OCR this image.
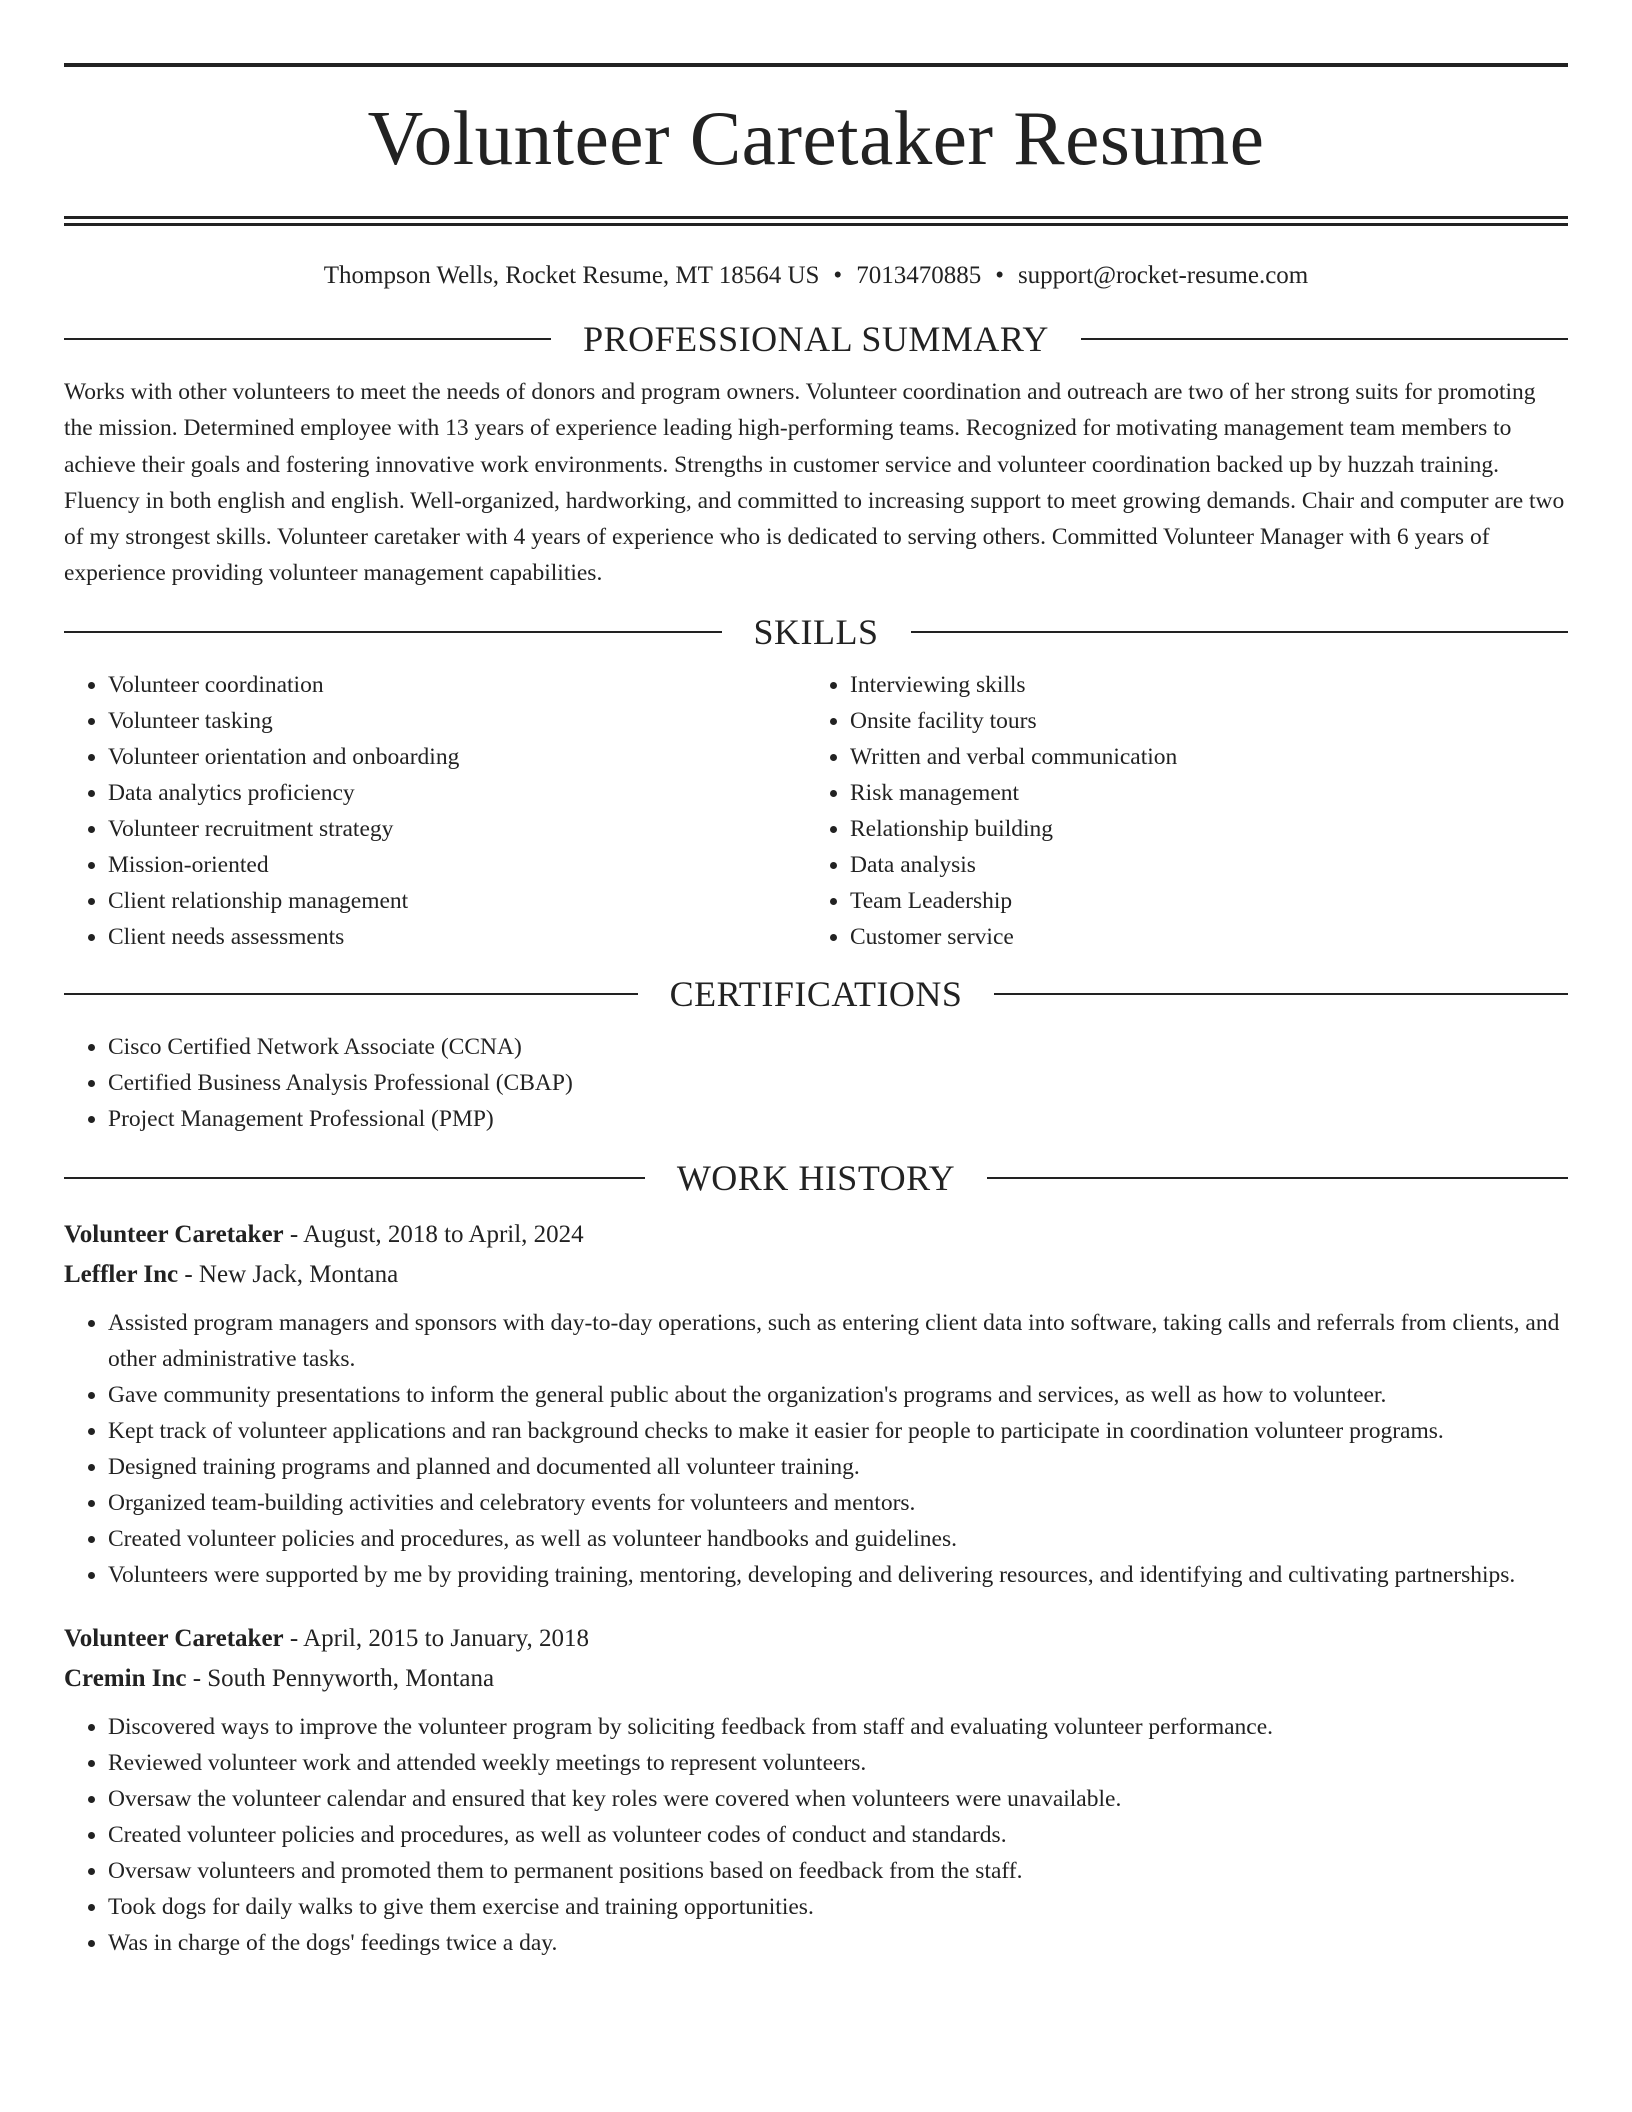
Volunteer Caretaker Resume
Thompson Wells, Rocket Resume, MT 18564 US • 7013470885 • support@rocket-resume.com
PROFESSIONAL SUMMARY
Works with other volunteers to meet the needs of donors and program owners. Volunteer coordination and outreach are two of her strong suits for promoting the mission. Determined employee with 13 years of experience leading high-performing teams. Recognized for motivating management team members to achieve their goals and fostering innovative work environments. Strengths in customer service and volunteer coordination backed up by huzzah training. Fluency in both english and english. Well-organized, hardworking, and committed to increasing support to meet growing demands. Chair and computer are two of my strongest skills. Volunteer caretaker with 4 years of experience who is dedicated to serving others. Committed Volunteer Manager with 6 years of experience providing volunteer management capabilities.
SKILLS
• Volunteer coordination
• Volunteer tasking
• Volunteer orientation and onboarding
• Data analytics proficiency
• Volunteer recruitment strategy
• Mission-oriented
• Client relationship management
• Client needs assessments
• Interviewing skills
• Onsite facility tours
• Written and verbal communication
• Risk management
• Relationship building
• Data analysis
• Team Leadership
• Customer service
CERTIFICATIONS
• Cisco Certified Network Associate (CCNA)
• Certified Business Analysis Professional (CBAP)
• Project Management Professional (PMP)
WORK HISTORY
Volunteer Caretaker - August, 2018 to April, 2024
Leffler Inc - New Jack, Montana
• Assisted program managers and sponsors with day-to-day operations, such as entering client data into software, taking calls and referrals from clients, and other administrative tasks.
• Gave community presentations to inform the general public about the organization's programs and services, as well as how to volunteer.
• Kept track of volunteer applications and ran background checks to make it easier for people to participate in coordination volunteer programs.
• Designed training programs and planned and documented all volunteer training.
• Organized team-building activities and celebratory events for volunteers and mentors.
• Created volunteer policies and procedures, as well as volunteer handbooks and guidelines.
• Volunteers were supported by me by providing training, mentoring, developing and delivering resources, and identifying and cultivating partnerships.
Volunteer Caretaker - April, 2015 to January, 2018
Cremin Inc - South Pennyworth, Montana
• Discovered ways to improve the volunteer program by soliciting feedback from staff and evaluating volunteer performance.
• Reviewed volunteer work and attended weekly meetings to represent volunteers.
• Oversaw the volunteer calendar and ensured that key roles were covered when volunteers were unavailable.
• Created volunteer policies and procedures, as well as volunteer codes of conduct and standards.
• Oversaw volunteers and promoted them to permanent positions based on feedback from the staff.
• Took dogs for daily walks to give them exercise and training opportunities.
• Was in charge of the dogs' feedings twice a day.
